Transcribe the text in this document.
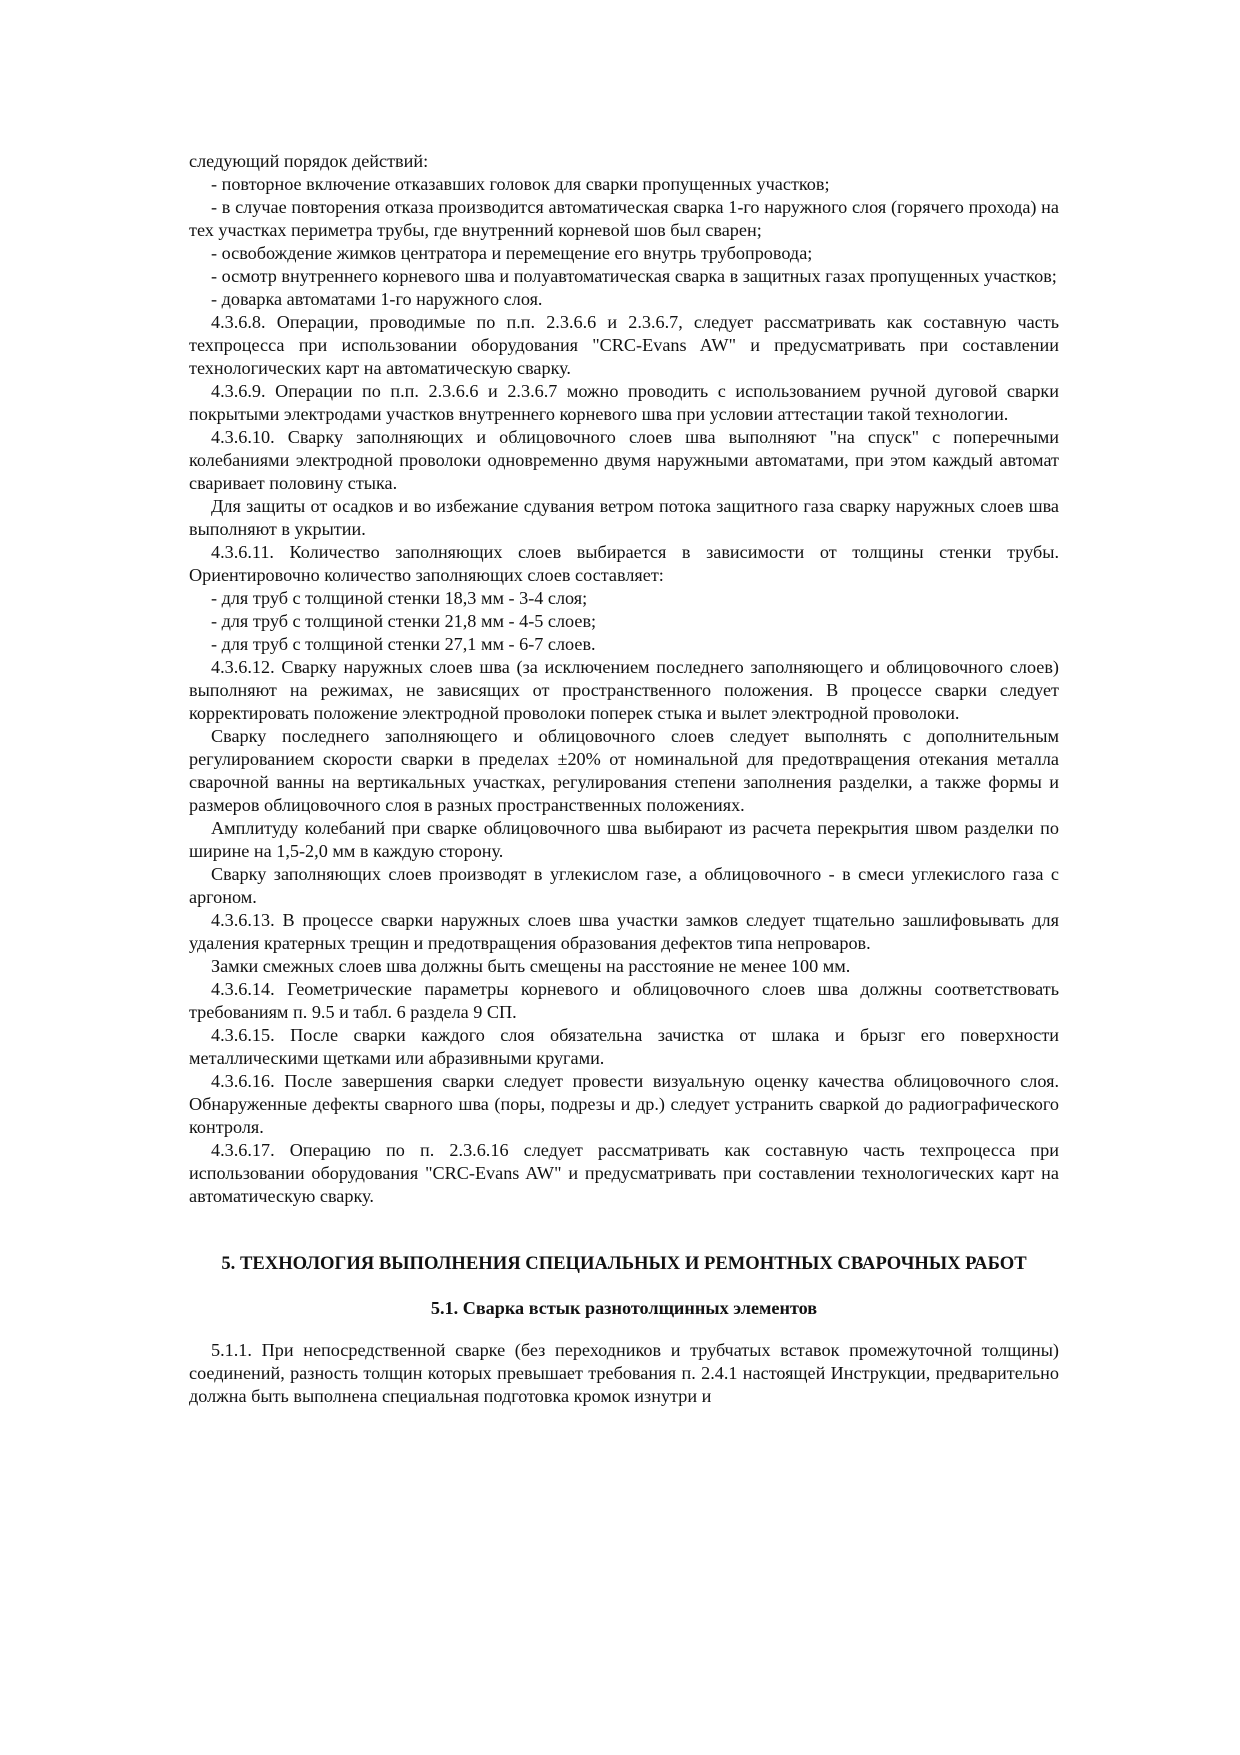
следующий порядок действий:

- повторное включение отказавших головок для сварки пропущенных участков;

- в случае повторения отказа производится автоматическая сварка 1-го наружного слоя (горячего прохода) на тех участках периметра трубы, где внутренний корневой шов был сварен;

- освобождение жимков центратора и перемещение его внутрь трубопровода;

- осмотр внутреннего корневого шва и полуавтоматическая сварка в защитных газах пропущенных участков;

- доварка автоматами 1-го наружного слоя.

4.3.6.8. Операции, проводимые по п.п. 2.3.6.6 и 2.3.6.7, следует рассматривать как составную часть техпроцесса при использовании оборудования "CRC-Evans AW" и предусматривать при составлении технологических карт на автоматическую сварку.

4.3.6.9. Операции по п.п. 2.3.6.6 и 2.3.6.7 можно проводить с использованием ручной дуговой сварки покрытыми электродами участков внутреннего корневого шва при условии аттестации такой технологии.

4.3.6.10. Сварку заполняющих и облицовочного слоев шва выполняют "на спуск" с поперечными колебаниями электродной проволоки одновременно двумя наружными автоматами, при этом каждый автомат сваривает половину стыка.

Для защиты от осадков и во избежание сдувания ветром потока защитного газа сварку наружных слоев шва выполняют в укрытии.

4.3.6.11. Количество заполняющих слоев выбирается в зависимости от толщины стенки трубы. Ориентировочно количество заполняющих слоев составляет:

- для труб с толщиной стенки 18,3 мм - 3-4 слоя;

- для труб с толщиной стенки 21,8 мм - 4-5 слоев;

- для труб с толщиной стенки 27,1 мм - 6-7 слоев.

4.3.6.12. Сварку наружных слоев шва (за исключением последнего заполняющего и облицовочного слоев) выполняют на режимах, не зависящих от пространственного положения. В процессе сварки следует корректировать положение электродной проволоки поперек стыка и вылет электродной проволоки.

Сварку последнего заполняющего и облицовочного слоев следует выполнять с дополнительным регулированием скорости сварки в пределах ±20% от номинальной для предотвращения отекания металла сварочной ванны на вертикальных участках, регулирования степени заполнения разделки, а также формы и размеров облицовочного слоя в разных пространственных положениях.

Амплитуду колебаний при сварке облицовочного шва выбирают из расчета перекрытия швом разделки по ширине на 1,5-2,0 мм в каждую сторону.

Сварку заполняющих слоев производят в углекислом газе, а облицовочного - в смеси углекислого газа с аргоном.

4.3.6.13. В процессе сварки наружных слоев шва участки замков следует тщательно зашлифовывать для удаления кратерных трещин и предотвращения образования дефектов типа непроваров.

Замки смежных слоев шва должны быть смещены на расстояние не менее 100 мм.

4.3.6.14. Геометрические параметры корневого и облицовочного слоев шва должны соответствовать требованиям п. 9.5 и табл. 6 раздела 9 СП.

4.3.6.15. После сварки каждого слоя обязательна зачистка от шлака и брызг его поверхности металлическими щетками или абразивными кругами.

4.3.6.16. После завершения сварки следует провести визуальную оценку качества облицовочного слоя. Обнаруженные дефекты сварного шва (поры, подрезы и др.) следует устранить сваркой до радиографического контроля.

4.3.6.17. Операцию по п. 2.3.6.16 следует рассматривать как составную часть техпроцесса при использовании оборудования "CRC-Evans AW" и предусматривать при составлении технологических карт на автоматическую сварку.

5. ТЕХНОЛОГИЯ ВЫПОЛНЕНИЯ СПЕЦИАЛЬНЫХ И РЕМОНТНЫХ СВАРОЧНЫХ РАБОТ
5.1. Сварка встык разнотолщинных элементов

5.1.1. При непосредственной сварке (без переходников и трубчатых вставок промежуточной толщины) соединений, разность толщин которых превышает требования п. 2.4.1 настоящей Инструкции, предварительно должна быть выполнена специальная подготовка кромок изнутри и
